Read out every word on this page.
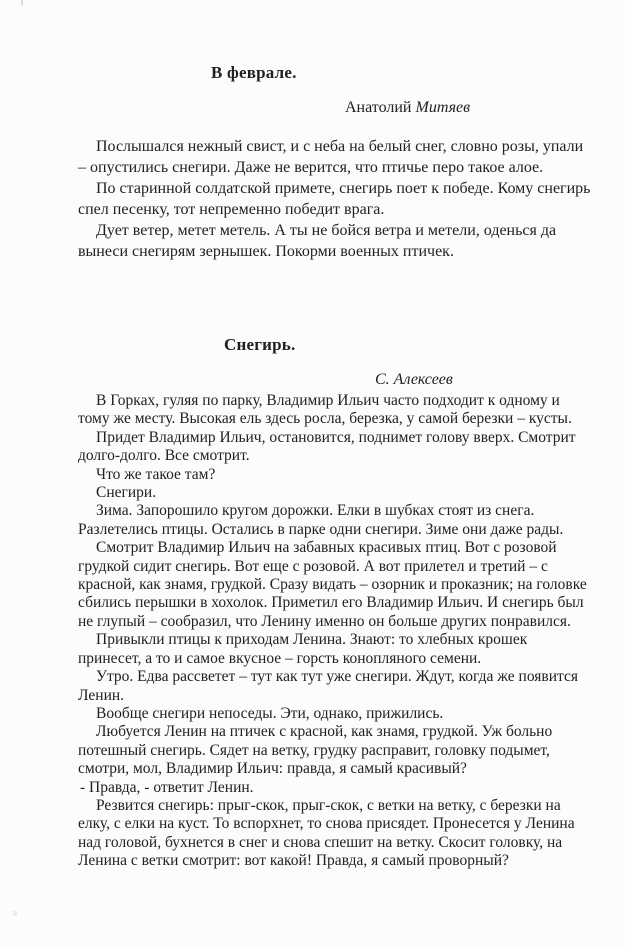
В феврале.
Анатолий Митяев

Послышался нежный свист, и с неба на белый снег, словно розы, упали – опустились снегири. Даже не верится, что птичье перо такое алое.

По старинной солдатской примете, снегирь поет к победе. Кому снегирь спел песенку, тот непременно победит врага.

Дует ветер, метет метель. А ты не бойся ветра и метели, оденься да вынеси снегирям зернышек. Покорми военных птичек.

Снегирь.
С. Алексеев

В Горках, гуляя по парку, Владимир Ильич часто подходит к одному и тому же месту. Высокая ель здесь росла, березка, у самой березки – кусты.

Придет Владимир Ильич, остановится, поднимет голову вверх. Смотрит долго-долго. Все смотрит.

Что же такое там?

Снегири.

Зима. Запорошило кругом дорожки. Елки в шубках стоят из снега. Разлетелись птицы. Остались в парке одни снегири. Зиме они даже рады.

Смотрит Владимир Ильич на забавных красивых птиц. Вот с розовой грудкой сидит снегирь. Вот еще с розовой. А вот прилетел и третий – с красной, как знамя, грудкой. Сразу видать – озорник и проказник; на головке сбились перышки в хохолок. Приметил его Владимир Ильич. И снегирь был не глупый – сообразил, что Ленину именно он больше других понравился.

Привыкли птицы к приходам Ленина. Знают: то хлебных крошек принесет, а то и самое вкусное – горсть конопляного семени.

Утро. Едва рассветет – тут как тут уже снегири. Ждут, когда же появится Ленин.

Вообще снегири непоседы. Эти, однако, прижились.

Любуется Ленин на птичек с красной, как знамя, грудкой. Уж больно потешный снегирь. Сядет на ветку, грудку расправит, головку подымет, смотри, мол, Владимир Ильич: правда, я самый красивый?

- Правда, - ответит Ленин.

Резвится снегирь: прыг-скок, прыг-скок, с ветки на ветку, с березки на елку, с елки на куст. То вспорхнет, то снова присядет. Пронесется у Ленина над головой, бухнется в снег и снова спешит на ветку. Скосит головку, на Ленина с ветки смотрит: вот какой! Правда, я самый проворный?
